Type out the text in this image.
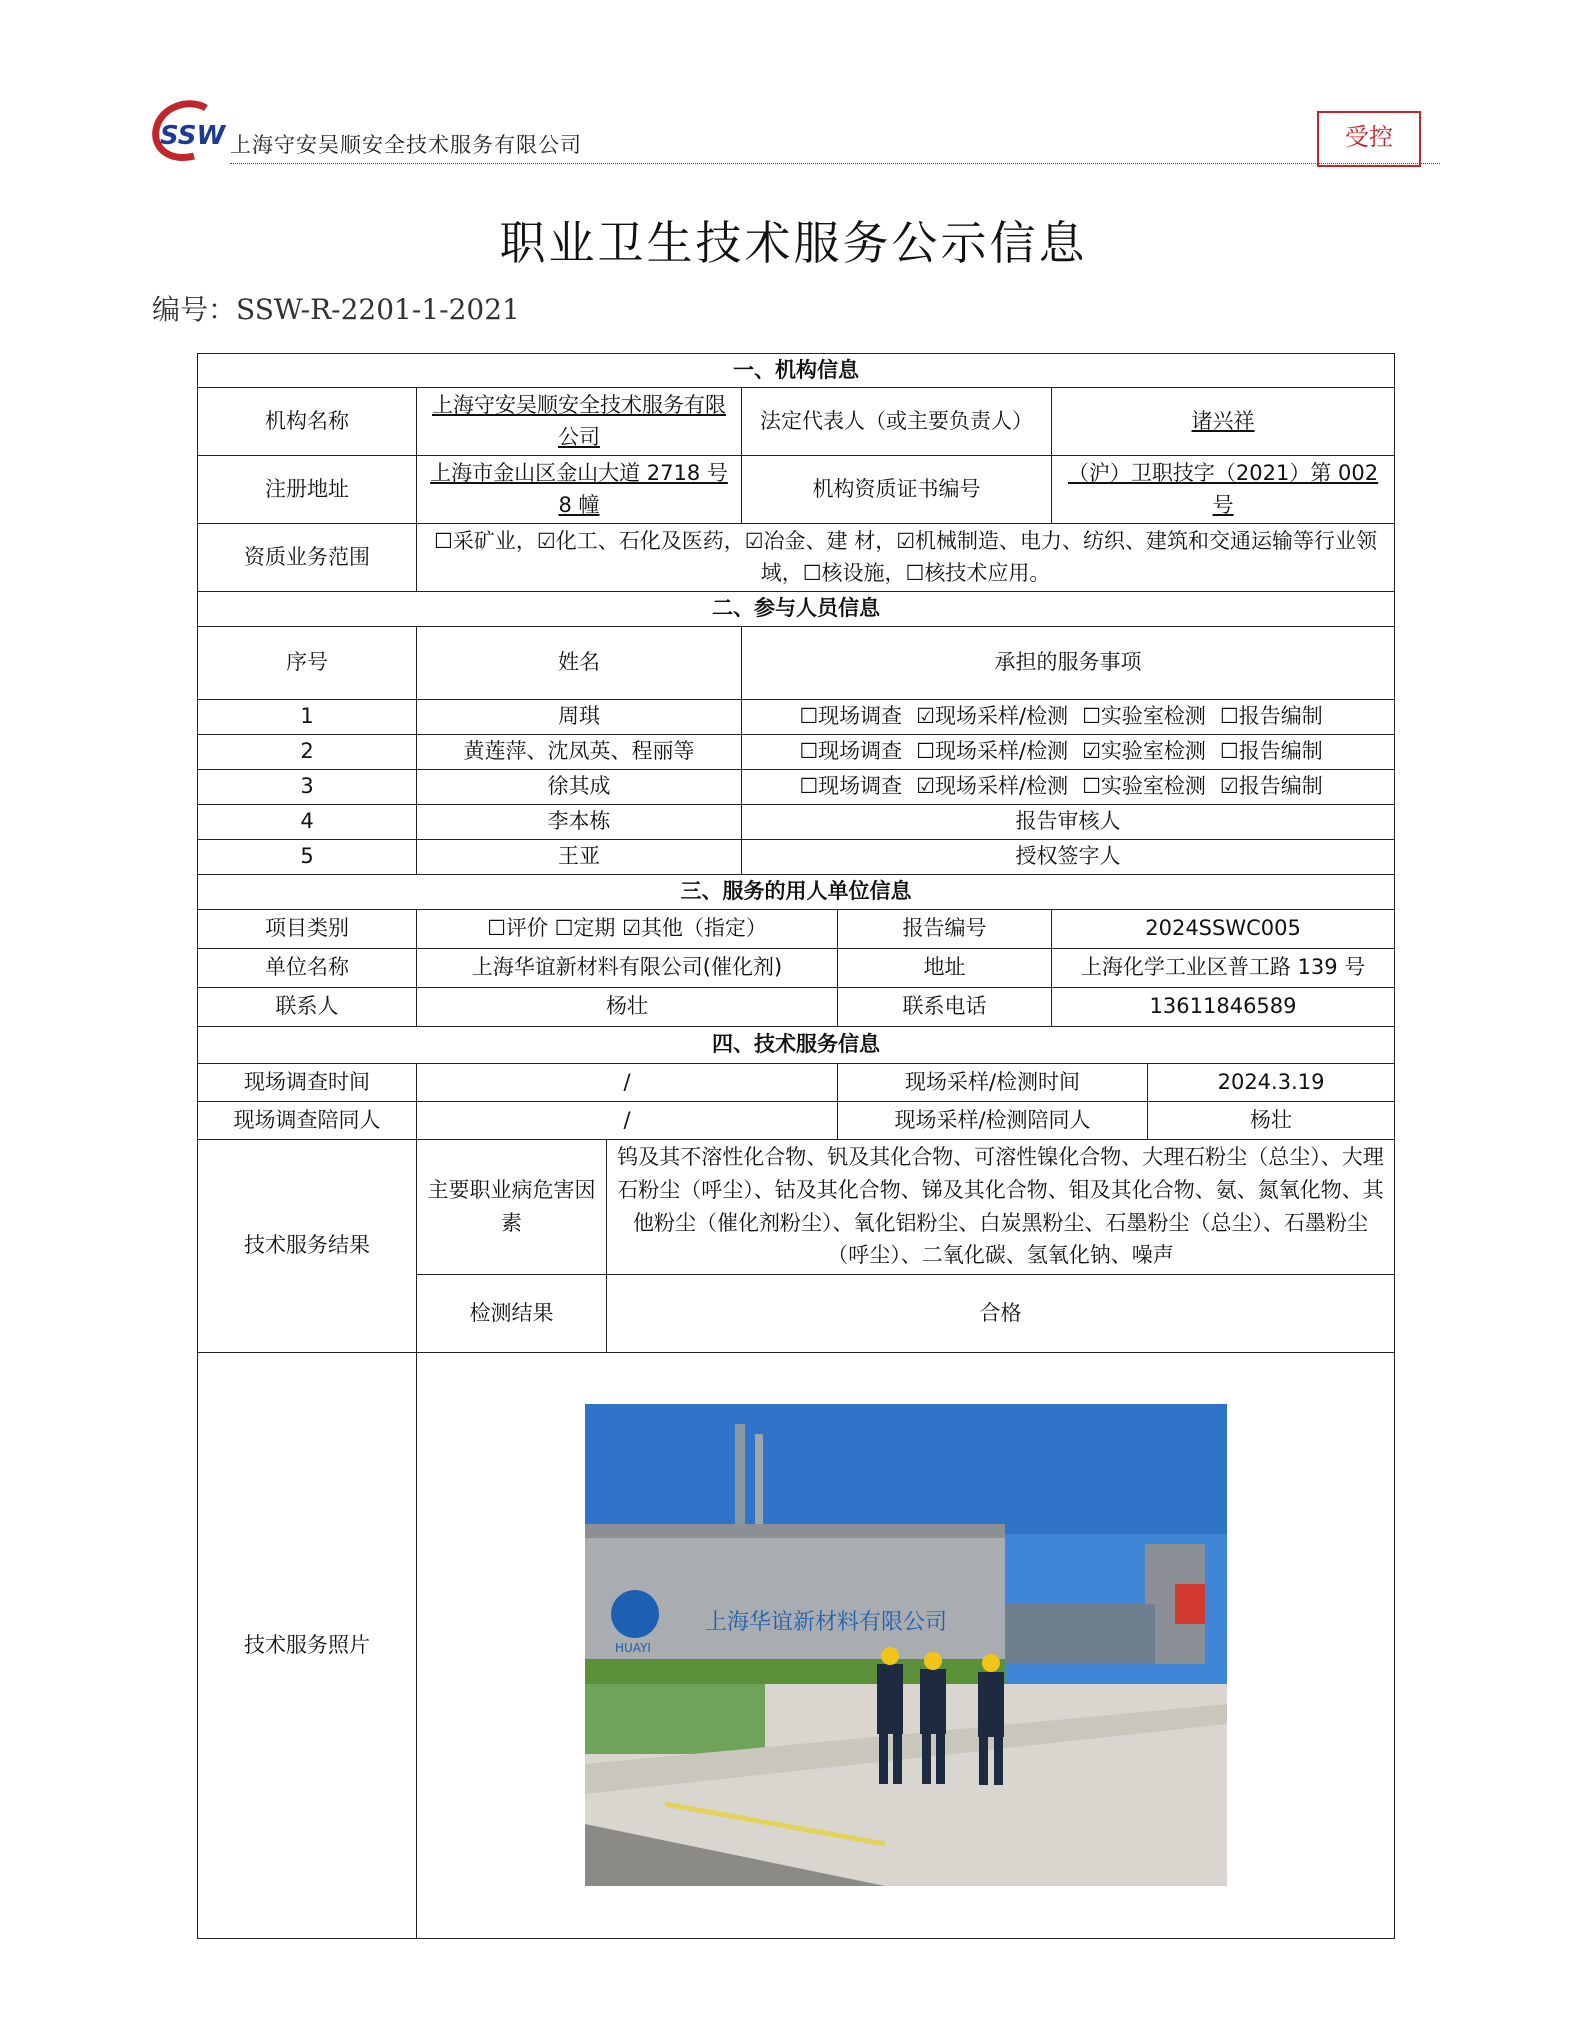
SSW 上海守安吴顺安全技术服务有限公司	受控
职业卫生技术服务公示信息
编号：SSW-R-2201-1-2021
一、机构信息						
机构名称	上海守安吴顺安全技术服务有限公司		法定代表人（或主要负责人）		诸兴祥	
注册地址	上海市金山区金山大道 2718 号 8 幢		机构资质证书编号		（沪）卫职技字（2021）第 002 号	
资质业务范围	☐采矿业，☑化工、石化及医药，☑冶金、建 材，☑机械制造、电力、纺织、建筑和交通运输等行业领域，☐核设施，☐核技术应用。					
二、参与人员信息						
序号	姓名		承担的服务事项			
1	周琪		☐现场调查 ☑现场采样/检测 ☐实验室检测 ☐报告编制			
2	黄莲萍、沈凤英、程丽等		☐现场调查 ☐现场采样/检测 ☑实验室检测 ☐报告编制			
3	徐其成		☐现场调查 ☑现场采样/检测 ☐实验室检测 ☑报告编制			
4	李本栋		报告审核人			
5	王亚		授权签字人			
三、服务的用人单位信息						
项目类别	☐评价 ☐定期 ☑其他（指定）			报告编号	2024SSWC005	
单位名称	上海华谊新材料有限公司(催化剂)			地址	上海化学工业区普工路 139 号	
联系人	杨壮			联系电话	13611846589	
四、技术服务信息						
现场调查时间	/			现场采样/检测时间		2024.3.19
现场调查陪同人	/			现场采样/检测陪同人		杨壮
技术服务结果	主要职业病危害因素	钨及其不溶性化合物、钒及其化合物、可溶性镍化合物、大理石粉尘（总尘）、大理石粉尘（呼尘）、钴及其化合物、锑及其化合物、钼及其化合物、氨、氮氧化物、其他粉尘（催化剂粉尘）、氧化铝粉尘、白炭黑粉尘、石墨粉尘（总尘）、石墨粉尘（呼尘）、二氧化碳、氢氧化钠、噪声				
	检测结果	合格				
技术服务照片	HUAYI
上海华谊新材料有限公司					
